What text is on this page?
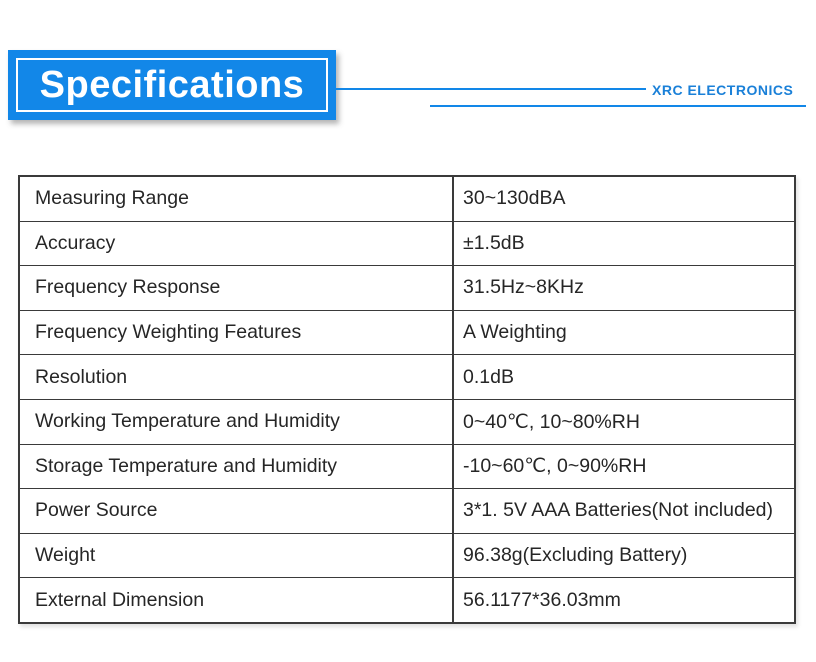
Specifications	XRC ELECTRONICS
Measuring Range	30~130dBA
Accuracy	±1.5dB
Frequency Response	31.5Hz~8KHz
Frequency Weighting Features	A Weighting
Resolution	0.1dB
Working Temperature and Humidity	0~40℃, 10~80%RH
Storage Temperature and Humidity	-10~60℃, 0~90%RH
Power Source	3*1. 5V AAA Batteries(Not included)
Weight	96.38g(Excluding Battery)
External Dimension	56.1177*36.03mm
